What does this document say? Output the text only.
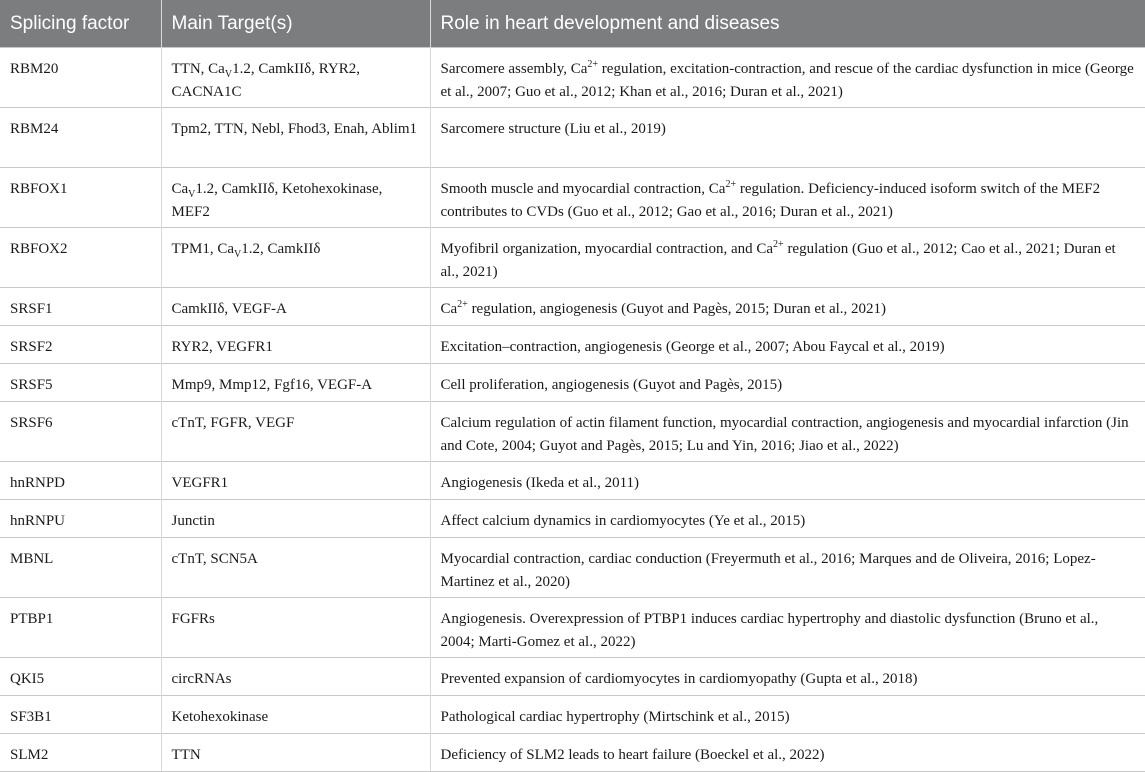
Splicing factor	Main Target(s)	Role in heart development and diseases
RBM20	TTN, $Ca_V1.2$, CamkIIδ, RYR2, CACNA1C	Sarcomere assembly, $Ca^{2+}$ regulation, excitation-contraction, and rescue of the cardiac dysfunction in mice (George et al., 2007; Guo et al., 2012; Khan et al., 2016; Duran et al., 2021)
RBM24	Tpm2, TTN, Nebl, Fhod3, Enah, Ablim1	Sarcomere structure (Liu et al., 2019)
RBFOX1	$Ca_V1.2$, CamkIIδ, Ketohexokinase, MEF2	Smooth muscle and myocardial contraction, $Ca^{2+}$ regulation. Deficiency-induced isoform switch of the MEF2 contributes to CVDs (Guo et al., 2012; Gao et al., 2016; Duran et al., 2021)
RBFOX2	TPM1, $Ca_V1.2$, CamkIIδ	Myofibril organization, myocardial contraction, and $Ca^{2+}$ regulation (Guo et al., 2012; Cao et al., 2021; Duran et al., 2021)
SRSF1	CamkIIδ, VEGF-A	$Ca^{2+}$ regulation, angiogenesis (Guyot and Pagès, 2015; Duran et al., 2021)
SRSF2	RYR2, VEGFR1	Excitation–contraction, angiogenesis (George et al., 2007; Abou Faycal et al., 2019)
SRSF5	Mmp9, Mmp12, Fgf16, VEGF-A	Cell proliferation, angiogenesis (Guyot and Pagès, 2015)
SRSF6	cTnT, FGFR, VEGF	Calcium regulation of actin filament function, myocardial contraction, angiogenesis and myocardial infarction (Jin and Cote, 2004; Guyot and Pagès, 2015; Lu and Yin, 2016; Jiao et al., 2022)
hnRNPD	VEGFR1	Angiogenesis (Ikeda et al., 2011)
hnRNPU	Junctin	Affect calcium dynamics in cardiomyocytes (Ye et al., 2015)
MBNL	cTnT, SCN5A	Myocardial contraction, cardiac conduction (Freyermuth et al., 2016; Marques and de Oliveira, 2016; Lopez-Martinez et al., 2020)
PTBP1	FGFRs	Angiogenesis. Overexpression of PTBP1 induces cardiac hypertrophy and diastolic dysfunction (Bruno et al., 2004; Marti-Gomez et al., 2022)
QKI5	circRNAs	Prevented expansion of cardiomyocytes in cardiomyopathy (Gupta et al., 2018)
SF3B1	Ketohexokinase	Pathological cardiac hypertrophy (Mirtschink et al., 2015)
SLM2	TTN	Deficiency of SLM2 leads to heart failure (Boeckel et al., 2022)
